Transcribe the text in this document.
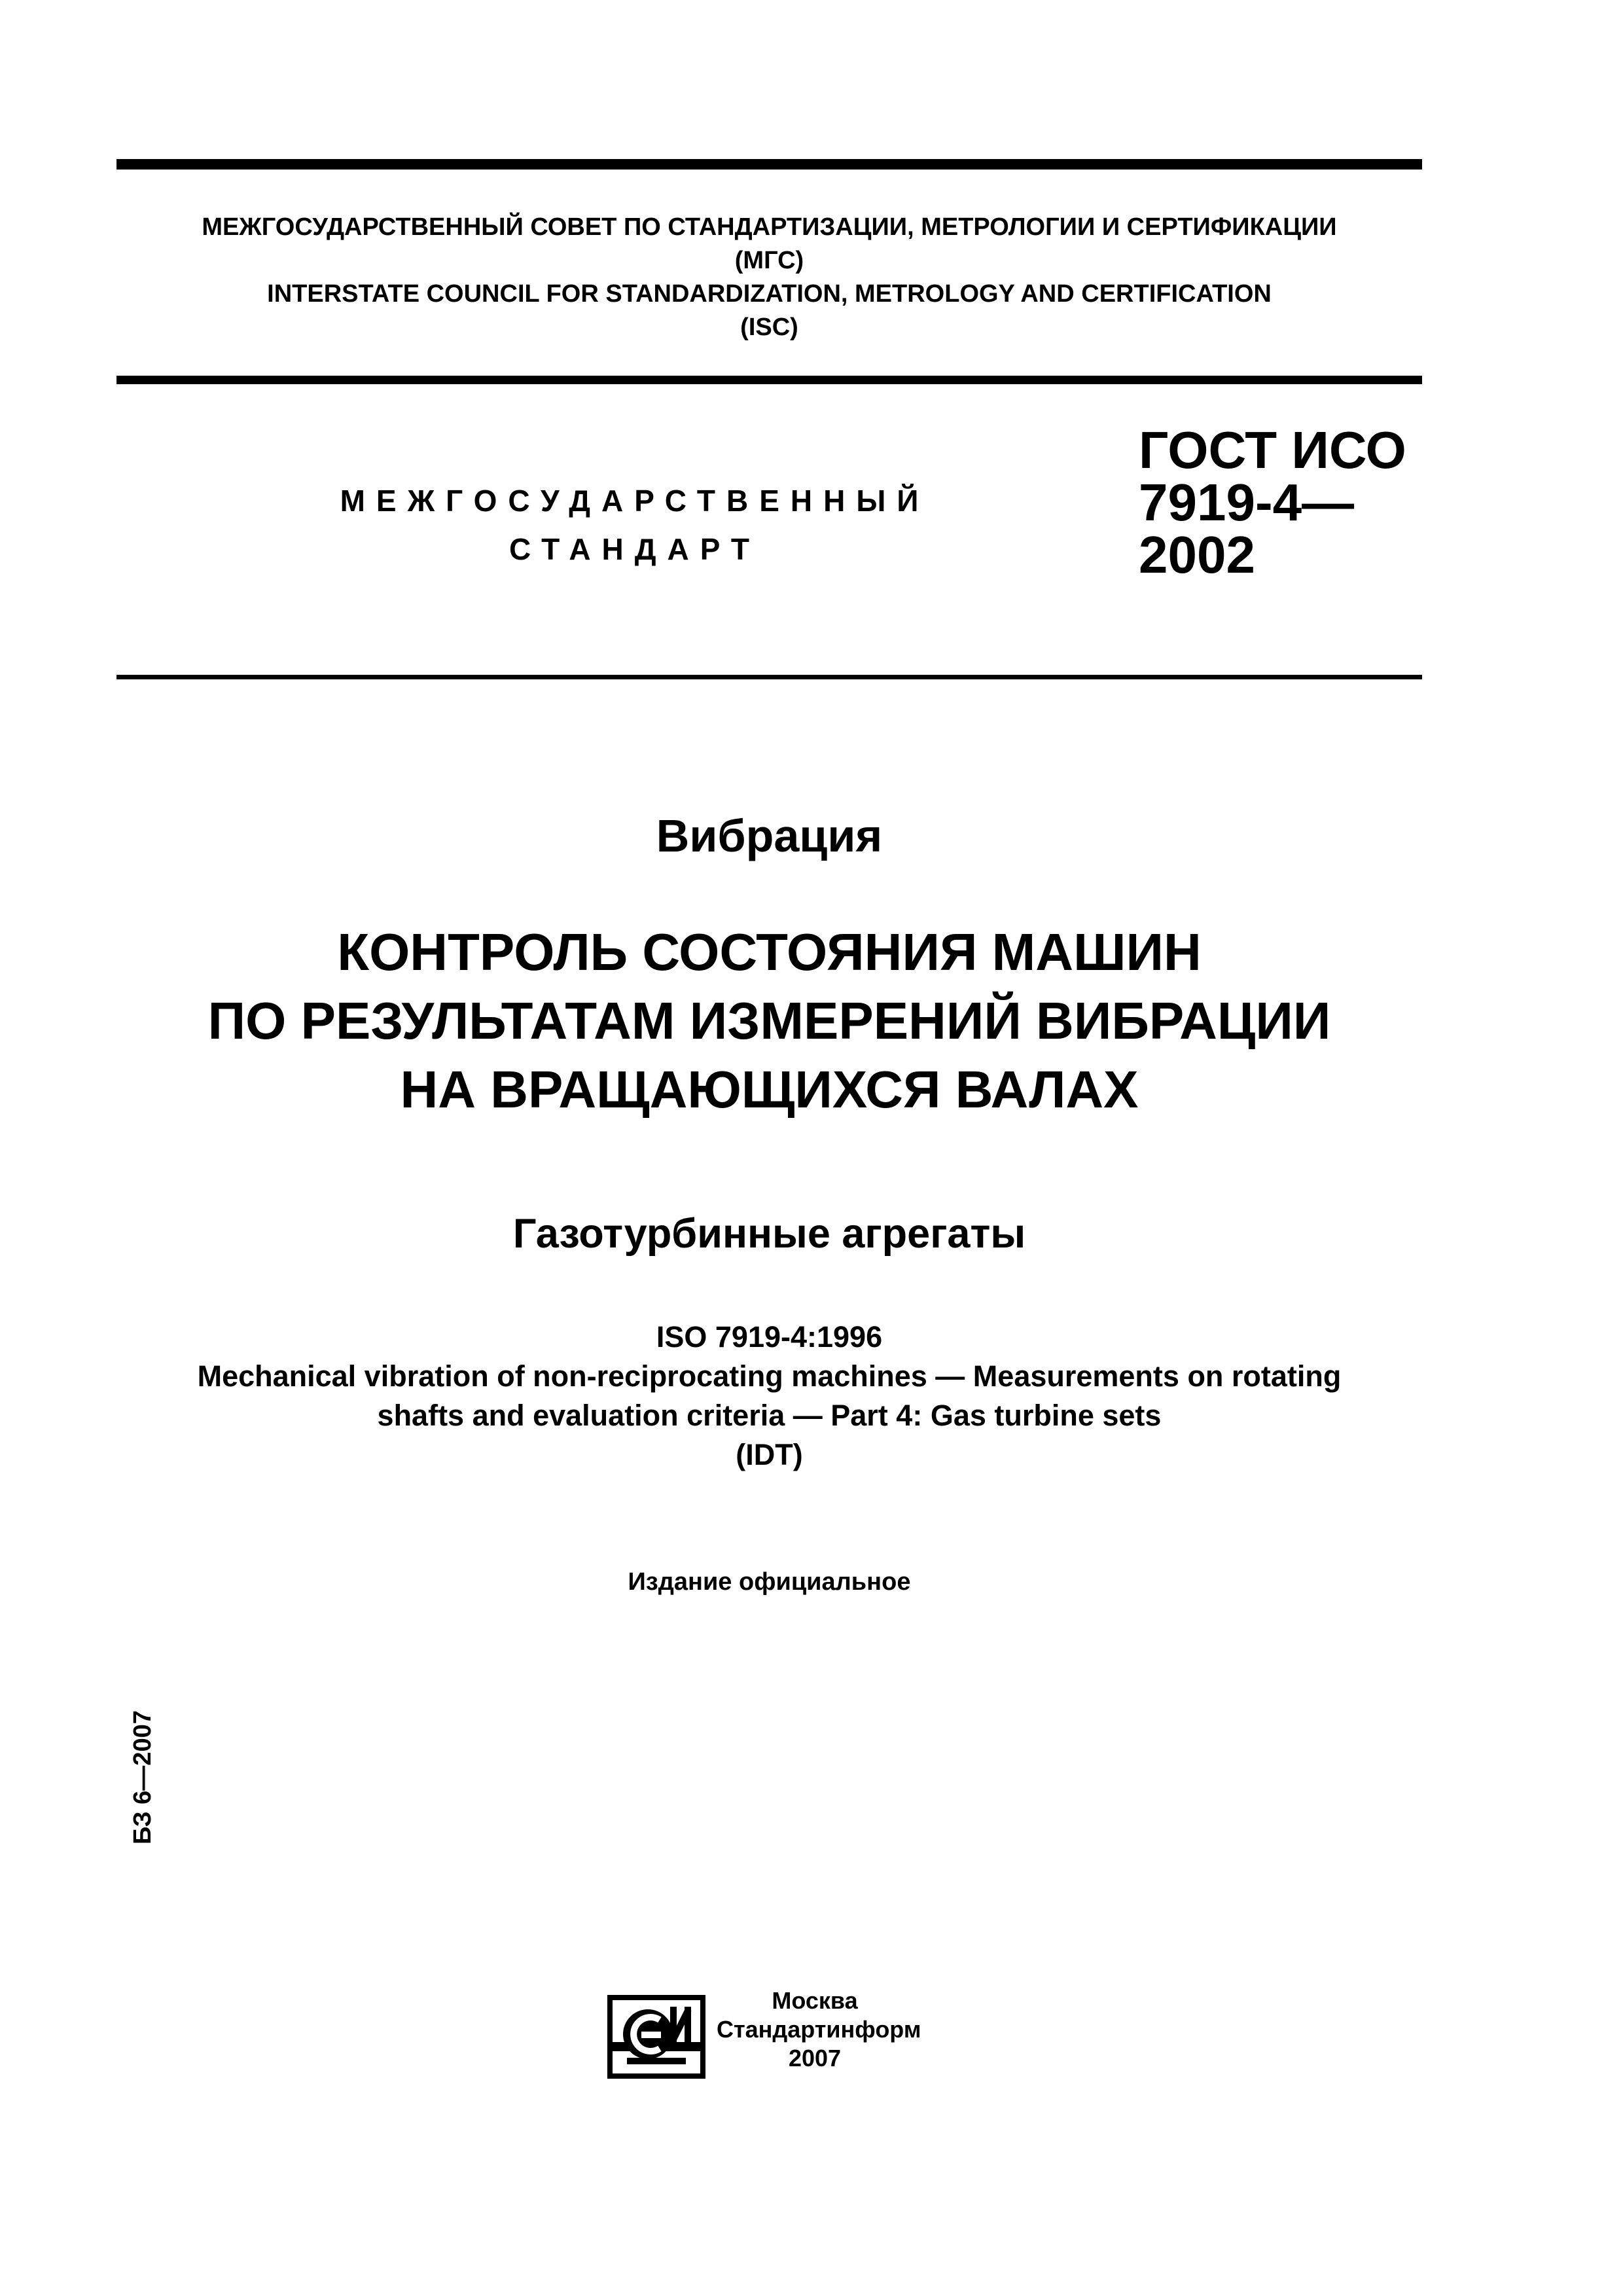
МЕЖГОСУДАРСТВЕННЫЙ СОВЕТ ПО СТАНДАРТИЗАЦИИ, МЕТРОЛОГИИ И СЕРТИФИКАЦИИ
(МГС)
INTERSTATE COUNCIL FOR STANDARDIZATION, METROLOGY AND CERTIFICATION
(ISC)
МЕЖГОСУДАРСТВЕННЫЙ
СТАНДАРТ
ГОСТ ИСО
7919-4—
2002
Вибрация
КОНТРОЛЬ СОСТОЯНИЯ МАШИН
ПО РЕЗУЛЬТАТАМ ИЗМЕРЕНИЙ ВИБРАЦИИ
НА ВРАЩАЮЩИХСЯ ВАЛАХ
Газотурбинные агрегаты
ISO 7919-4:1996
Mechanical vibration of non-reciprocating machines — Measurements on rotating
shafts and evaluation criteria — Part 4: Gas turbine sets
(IDT)
Издание официальное
БЗ 6—2007
Москва
Стандартинформ
2007
